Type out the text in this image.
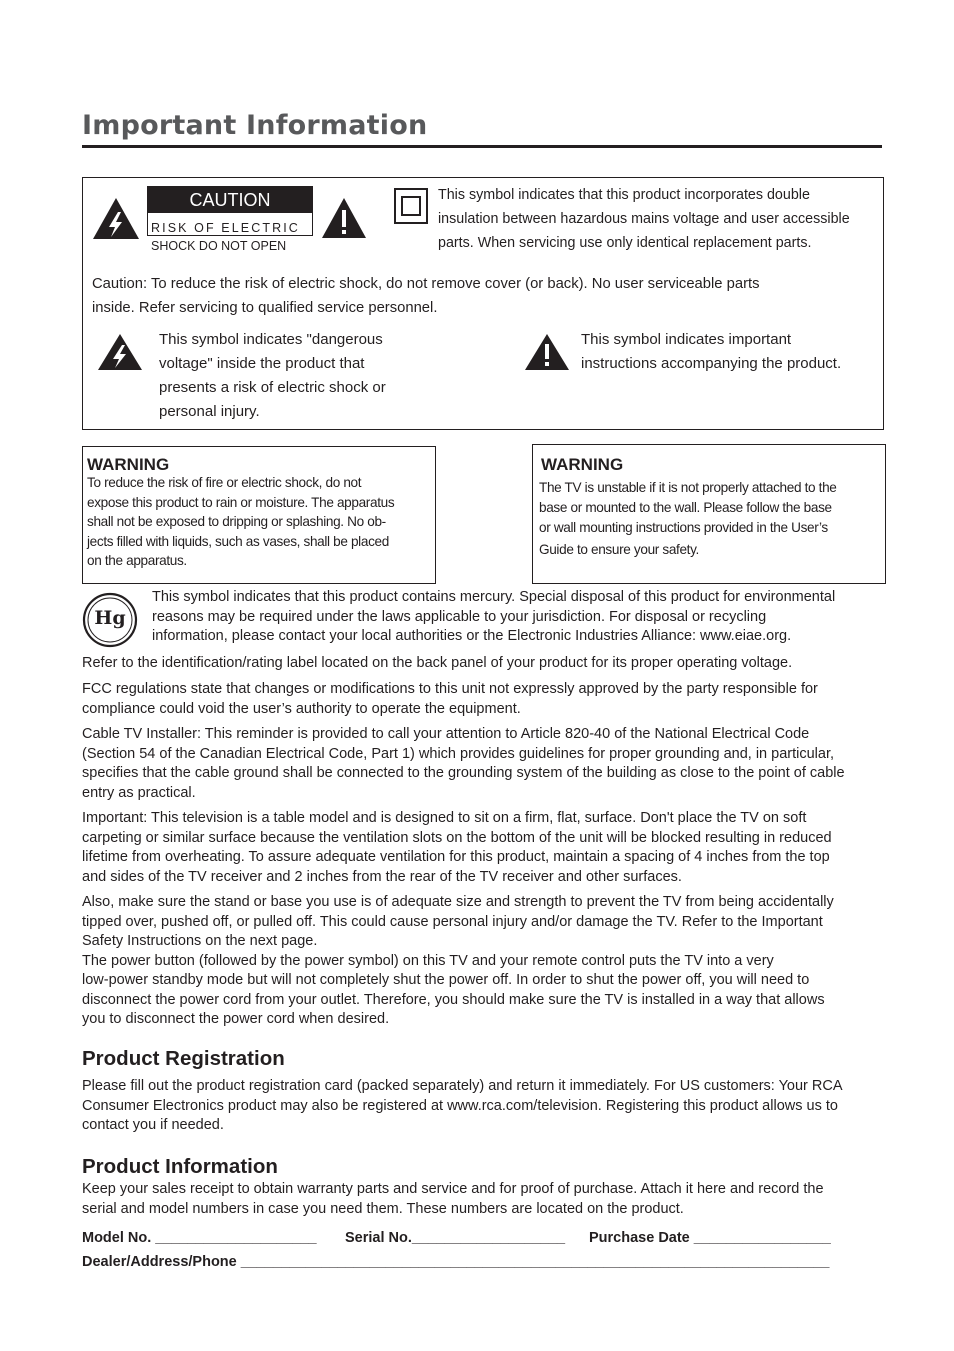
Important Information
CAUTION
RISK OF ELECTRIC
SHOCK DO NOT OPEN
This symbol indicates that this product incorporates double
insulation between hazardous mains voltage and user accessible
parts. When servicing use only identical replacement parts.
Caution: To reduce the risk of electric shock, do not remove cover (or back). No user serviceable parts
inside. Refer servicing to qualified service personnel.
This symbol indicates "dangerous
voltage" inside the product that
presents a risk of electric shock or
personal injury.
This symbol indicates important
instructions accompanying the product.
WARNING
To reduce the risk of fire or electric shock, do not
expose this product to rain or moisture. The apparatus
shall not be exposed to dripping or splashing. No ob-
jects filled with liquids, such as vases, shall be placed
on the apparatus.
WARNING
The TV is unstable if it is not properly attached to the
base or mounted to the wall. Please follow the base
or wall mounting instructions provided in the User’s
Guide to ensure your safety.
Hg
This symbol indicates that this product contains mercury. Special disposal of this product for environmental
reasons may be required under the laws applicable to your jurisdiction. For disposal or recycling
information, please contact your local authorities or the Electronic Industries Alliance: www.eiae.org.
Refer to the identification/rating label located on the back panel of your product for its proper operating voltage.
FCC regulations state that changes or modifications to this unit not expressly approved by the party responsible for
compliance could void the user’s authority to operate the equipment.
Cable TV Installer: This reminder is provided to call your attention to Article 820-40 of the National Electrical Code
(Section 54 of the Canadian Electrical Code, Part 1) which provides guidelines for proper grounding and, in particular,
specifies that the cable ground shall be connected to the grounding system of the building as close to the point of cable
entry as practical.
Important: This television is a table model and is designed to sit on a firm, flat, surface. Don't place the TV on soft
carpeting or similar surface because the ventilation slots on the bottom of the unit will be blocked resulting in reduced
lifetime from overheating. To assure adequate ventilation for this product, maintain a spacing of 4 inches from the top
and sides of the TV receiver and 2 inches from the rear of the TV receiver and other surfaces.
Also, make sure the stand or base you use is of adequate size and strength to prevent the TV from being accidentally
tipped over, pushed off, or pulled off. This could cause personal injury and/or damage the TV. Refer to the Important
Safety Instructions on the next page.
The power button (followed by the power symbol) on this TV and your remote control puts the TV into a very
low-power standby mode but will not completely shut the power off. In order to shut the power off, you will need to
disconnect the power cord from your outlet. Therefore, you should make sure the TV is installed in a way that allows
you to disconnect the power cord when desired.
Product Registration
Please fill out the product registration card (packed separately) and return it immediately. For US customers: Your RCA
Consumer Electronics product may also be registered at www.rca.com/television. Registering this product allows us to
contact you if needed.
Product Information
Keep your sales receipt to obtain warranty parts and service and for proof of purchase. Attach it here and record the
serial and model numbers in case you need them. These numbers are located on the product.
Model No. ____________________ Serial No.___________________ Purchase Date _________________
Dealer/Address/Phone _________________________________________________________________________
